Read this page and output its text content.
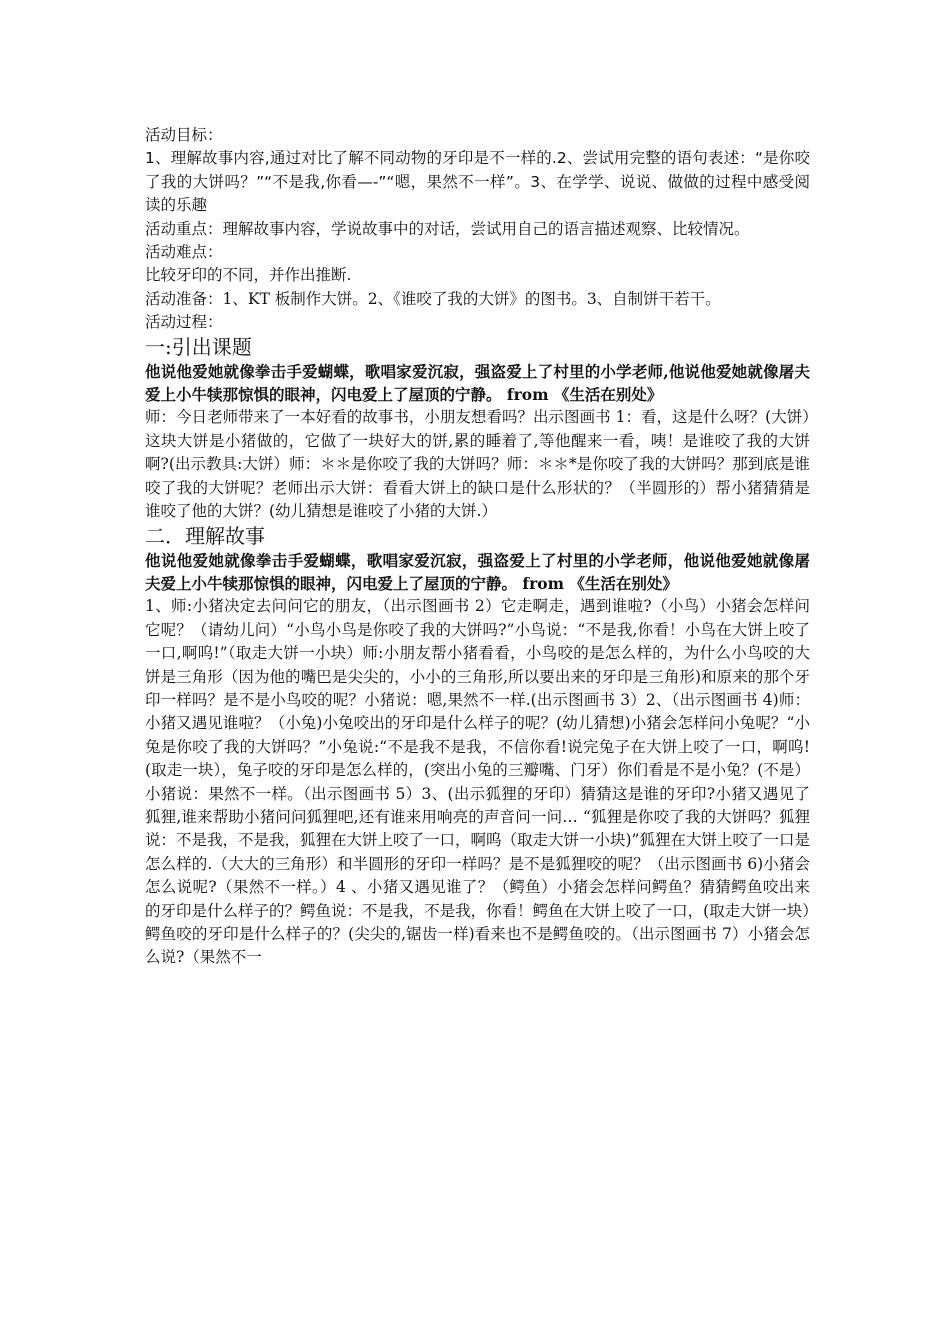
活动目标：

1、理解故事内容,通过对比了解不同动物的牙印是不一样的.2、尝试用完整的语句表述：“是你咬了我的大饼吗？”“不是我,你看—-”“嗯，果然不一样”。3、在学学、说说、做做的过程中感受阅读的乐趣

活动重点：理解故事内容，学说故事中的对话，尝试用自己的语言描述观察、比较情况。

活动难点：

比较牙印的不同，并作出推断.

活动准备：1、KT 板制作大饼。2、《谁咬了我的大饼》的图书。3、自制饼干若干。

活动过程：

一:引出课题

他说他爱她就像拳击手爱蝴蝶，歌唱家爱沉寂，强盗爱上了村里的小学老师,他说他爱她就像屠夫爱上小牛犊那惊惧的眼神，闪电爱上了屋顶的宁静。 from 《生活在别处》

师：今日老师带来了一本好看的故事书，小朋友想看吗？出示图画书 1：看，这是什么呀？(大饼）这块大饼是小猪做的，它做了一块好大的饼,累的睡着了,等他醒来一看，咦！是谁咬了我的大饼啊?(出示教具:大饼）师：＊＊是你咬了我的大饼吗？师：＊＊*是你咬了我的大饼吗？那到底是谁咬了我的大饼呢？老师出示大饼：看看大饼上的缺口是什么形状的？（半圆形的）帮小猪猜猜是谁咬了他的大饼？(幼儿猜想是谁咬了小猪的大饼.）

二．理解故事

他说他爱她就像拳击手爱蝴蝶，歌唱家爱沉寂，强盗爱上了村里的小学老师，他说他爱她就像屠夫爱上小牛犊那惊惧的眼神，闪电爱上了屋顶的宁静。 from 《生活在别处》

1、师:小猪决定去问问它的朋友，（出示图画书 2）它走啊走，遇到谁啦?（小鸟）小猪会怎样问它呢？（请幼儿问）“小鸟小鸟是你咬了我的大饼吗?”小鸟说：“不是我,你看！小鸟在大饼上咬了一口,啊呜!”（取走大饼一小块）师:小朋友帮小猪看看，小鸟咬的是怎么样的，为什么小鸟咬的大饼是三角形（因为他的嘴巴是尖尖的，小小的三角形,所以要出来的牙印是三角形)和原来的那个牙印一样吗？是不是小鸟咬的呢？小猪说：嗯,果然不一样.(出示图画书 3）2、（出示图画书 4)师：小猪又遇见谁啦？（小兔)小兔咬出的牙印是什么样子的呢？(幼儿猜想)小猪会怎样问小兔呢？“小兔是你咬了我的大饼吗？”小兔说:“不是我不是我，不信你看!说完兔子在大饼上咬了一口，啊呜!(取走一块），兔子咬的牙印是怎么样的，(突出小兔的三瓣嘴、门牙）你们看是不是小兔？(不是）小猪说：果然不一样。（出示图画书 5）3、(出示狐狸的牙印）猜猜这是谁的牙印?小猪又遇见了狐狸,谁来帮助小猪问问狐狸吧,还有谁来用响亮的声音问一问… “狐狸是你咬了我的大饼吗？狐狸说：不是我，不是我，狐狸在大饼上咬了一口，啊呜（取走大饼一小块)”狐狸在大饼上咬了一口是怎么样的.（大大的三角形）和半圆形的牙印一样吗？是不是狐狸咬的呢？（出示图画书 6)小猪会怎么说呢?（果然不一样。）4 、小猪又遇见谁了？（鳄鱼）小猪会怎样问鳄鱼？猜猜鳄鱼咬出来的牙印是什么样子的？鳄鱼说：不是我，不是我，你看！鳄鱼在大饼上咬了一口，(取走大饼一块）鳄鱼咬的牙印是什么样子的？(尖尖的,锯齿一样)看来也不是鳄鱼咬的。（出示图画书 7）小猪会怎么说?（果然不一
